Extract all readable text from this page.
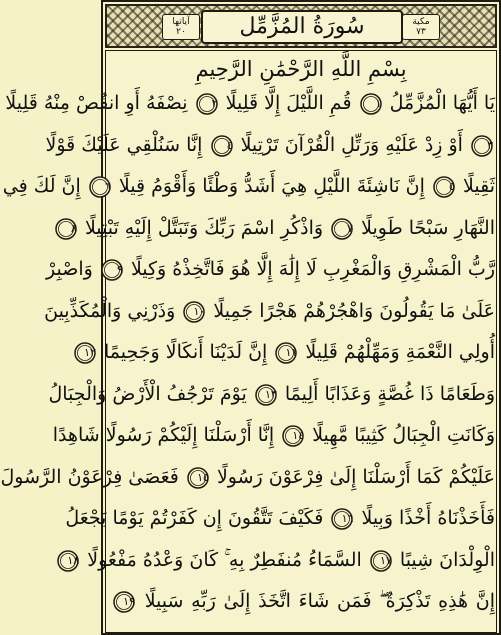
مكية
٧٣
سُورَةُ المُزَّمِّل
آياتها
٢٠
بِسْمِ اللَّهِ الرَّحْمَٰنِ الرَّحِيمِ
يَا أَيُّهَا الْمُزَّمِّلُ
١
قُمِ اللَّيْلَ إِلَّا قَلِيلًا
٢
نِصْفَهُ أَوِ انقُصْ مِنْهُ قَلِيلًا
٣
أَوْ زِدْ عَلَيْهِ وَرَتِّلِ الْقُرْآنَ تَرْتِيلًا
٤
إِنَّا سَنُلْقِي عَلَيْكَ قَوْلًا
ثَقِيلًا
٥
إِنَّ نَاشِئَةَ اللَّيْلِ هِيَ أَشَدُّ وَطْئًا وَأَقْوَمُ قِيلًا
٦
إِنَّ لَكَ فِي
النَّهَارِ سَبْحًا طَوِيلًا
٧
وَاذْكُرِ اسْمَ رَبِّكَ وَتَبَتَّلْ إِلَيْهِ تَبْتِيلًا
٨
رَّبُّ الْمَشْرِقِ وَالْمَغْرِبِ لَا إِلَٰهَ إِلَّا هُوَ فَاتَّخِذْهُ وَكِيلًا
٩
وَاصْبِرْ
عَلَىٰ مَا يَقُولُونَ وَاهْجُرْهُمْ هَجْرًا جَمِيلًا
١٠
وَذَرْنِي وَالْمُكَذِّبِينَ
أُولِي النَّعْمَةِ وَمَهِّلْهُمْ قَلِيلًا
١١
إِنَّ لَدَيْنَا أَنكَالًا وَجَحِيمًا
١٢
وَطَعَامًا ذَا غُصَّةٍ وَعَذَابًا أَلِيمًا
١٣
يَوْمَ تَرْجُفُ الْأَرْضُ وَالْجِبَالُ
وَكَانَتِ الْجِبَالُ كَثِيبًا مَّهِيلًا
١٤
إِنَّا أَرْسَلْنَا إِلَيْكُمْ رَسُولًا شَاهِدًا
عَلَيْكُمْ كَمَا أَرْسَلْنَا إِلَىٰ فِرْعَوْنَ رَسُولًا
١٥
فَعَصَىٰ فِرْعَوْنُ الرَّسُولَ
فَأَخَذْنَاهُ أَخْذًا وَبِيلًا
١٦
فَكَيْفَ تَتَّقُونَ إِن كَفَرْتُمْ يَوْمًا يَجْعَلُ
الْوِلْدَانَ شِيبًا
١٧
السَّمَاءُ مُنفَطِرٌ بِهِ ۚ كَانَ وَعْدُهُ مَفْعُولًا
١٨
إِنَّ هَٰذِهِ تَذْكِرَةٌ ۖ فَمَن شَاءَ اتَّخَذَ إِلَىٰ رَبِّهِ سَبِيلًا
١٩
